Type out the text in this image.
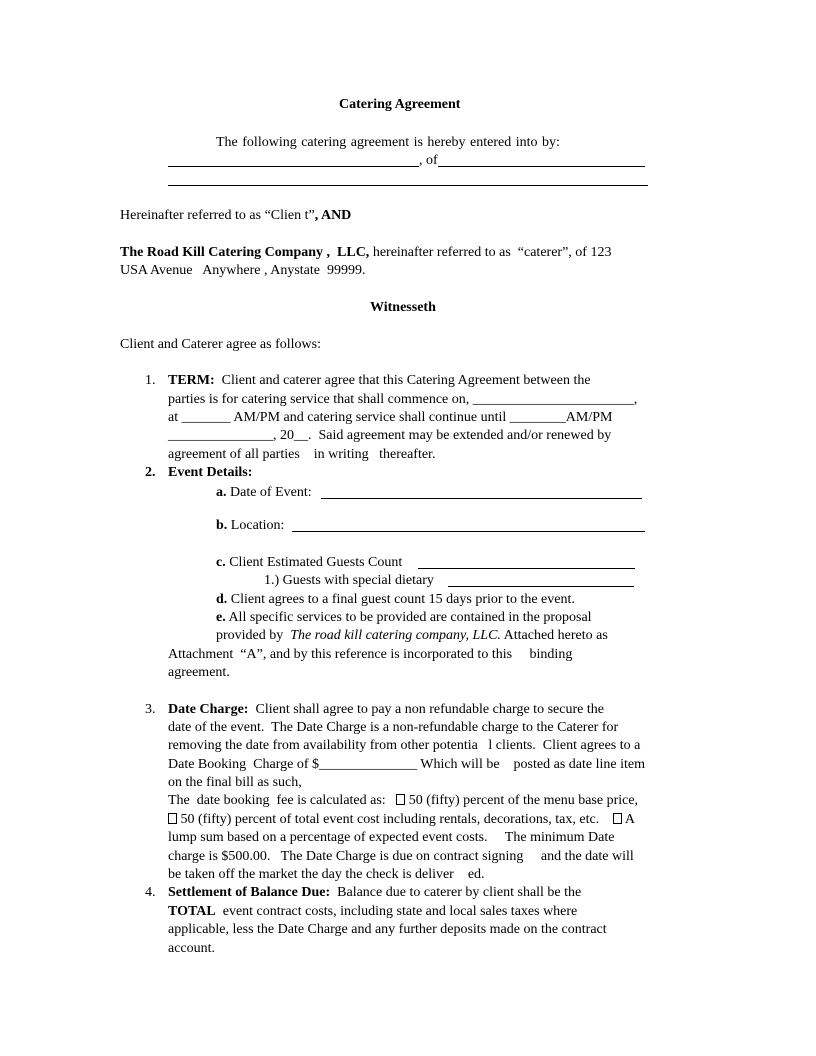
Catering Agreement
The following catering agreement is hereby entered into by:
, of
Hereinafter referred to as “Clien t”, AND
The Road Kill Catering Company ,  LLC, hereinafter referred to as  “caterer”, of 123
USA Avenue   Anywhere , Anystate  99999.
Witnesseth
Client and Caterer agree as follows:
1. TERM:  Client and caterer agree that this Catering Agreement between the
parties is for catering service that shall commence on, _______________________,
at _______ AM/PM and catering service shall continue until ________AM/PM
_______________, 20__.  Said agreement may be extended and/or renewed by
agreement of all parties    in writing   thereafter.
2. Event Details:
a. Date of Event:
b. Location:
c. Client Estimated Guests Count
1.) Guests with special dietary
d. Client agrees to a final guest count 15 days prior to the event.
e. All specific services to be provided are contained in the proposal
provided by  The road kill catering company, LLC. Attached hereto as
Attachment  “A”, and by this reference is incorporated to this     binding
agreement.
3. Date Charge:  Client shall agree to pay a non refundable charge to secure the
date of the event.  The Date Charge is a non-refundable charge to the Caterer for
removing the date from availability from other potentia   l clients.  Client agrees to a
Date Booking  Charge of $______________ Which will be    posted as date line item
on the final bill as such,
The  date booking  fee is calculated as:    50 (fifty) percent of the menu base price,
50 (fifty) percent of total event cost including rentals, decorations, tax, etc.     A
lump sum based on a percentage of expected event costs.     The minimum Date
charge is $500.00.   The Date Charge is due on contract signing     and the date will
be taken off the market the day the check is deliver    ed.
4. Settlement of Balance Due:  Balance due to caterer by client shall be the
TOTAL  event contract costs, including state and local sales taxes where
applicable, less the Date Charge and any further deposits made on the contract
account.
